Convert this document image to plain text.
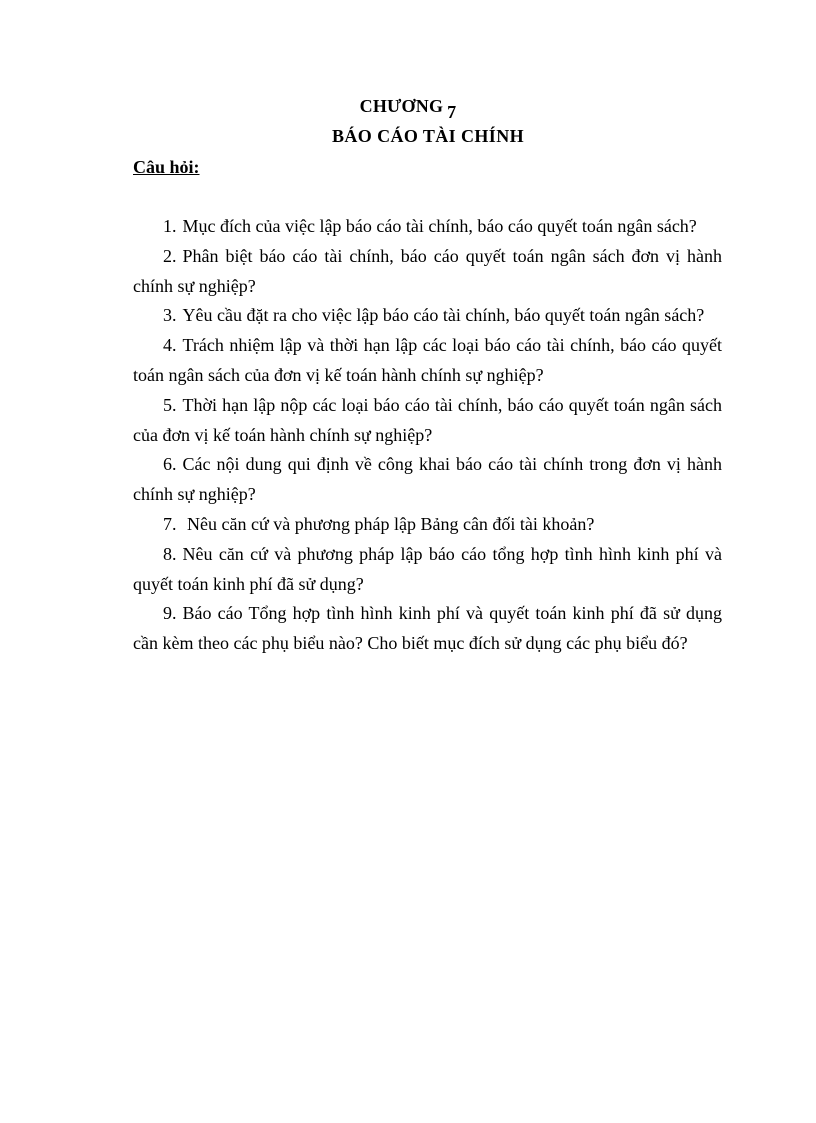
CHƯƠNG 7
BÁO CÁO TÀI CHÍNH
Câu hỏi:
1. Mục đích của việc lập báo cáo tài chính, báo cáo quyết toán ngân sách?
2. Phân biệt báo cáo tài chính, báo cáo quyết toán ngân sách đơn vị hành chính sự nghiệp?
3. Yêu cầu đặt ra cho việc lập báo cáo tài chính, báo quyết toán ngân sách?
4. Trách nhiệm lập và thời hạn lập các loại báo cáo tài chính, báo cáo quyết toán ngân sách của đơn vị kế toán hành chính sự nghiệp?
5. Thời hạn lập nộp các loại báo cáo tài chính, báo cáo quyết toán ngân sách của đơn vị kế toán hành chính sự nghiệp?
6. Các nội dung qui định về công khai báo cáo tài chính trong đơn vị hành chính sự nghiệp?
7. Nêu căn cứ và phương pháp lập Bảng cân đối tài khoản?
8. Nêu căn cứ và phương pháp lập báo cáo tổng hợp tình hình kinh phí và quyết toán kinh phí đã sử dụng?
9. Báo cáo Tổng hợp tình hình kinh phí và quyết toán kinh phí đã sử dụng cần kèm theo các phụ biểu nào? Cho biết mục đích sử dụng các phụ biểu đó?
